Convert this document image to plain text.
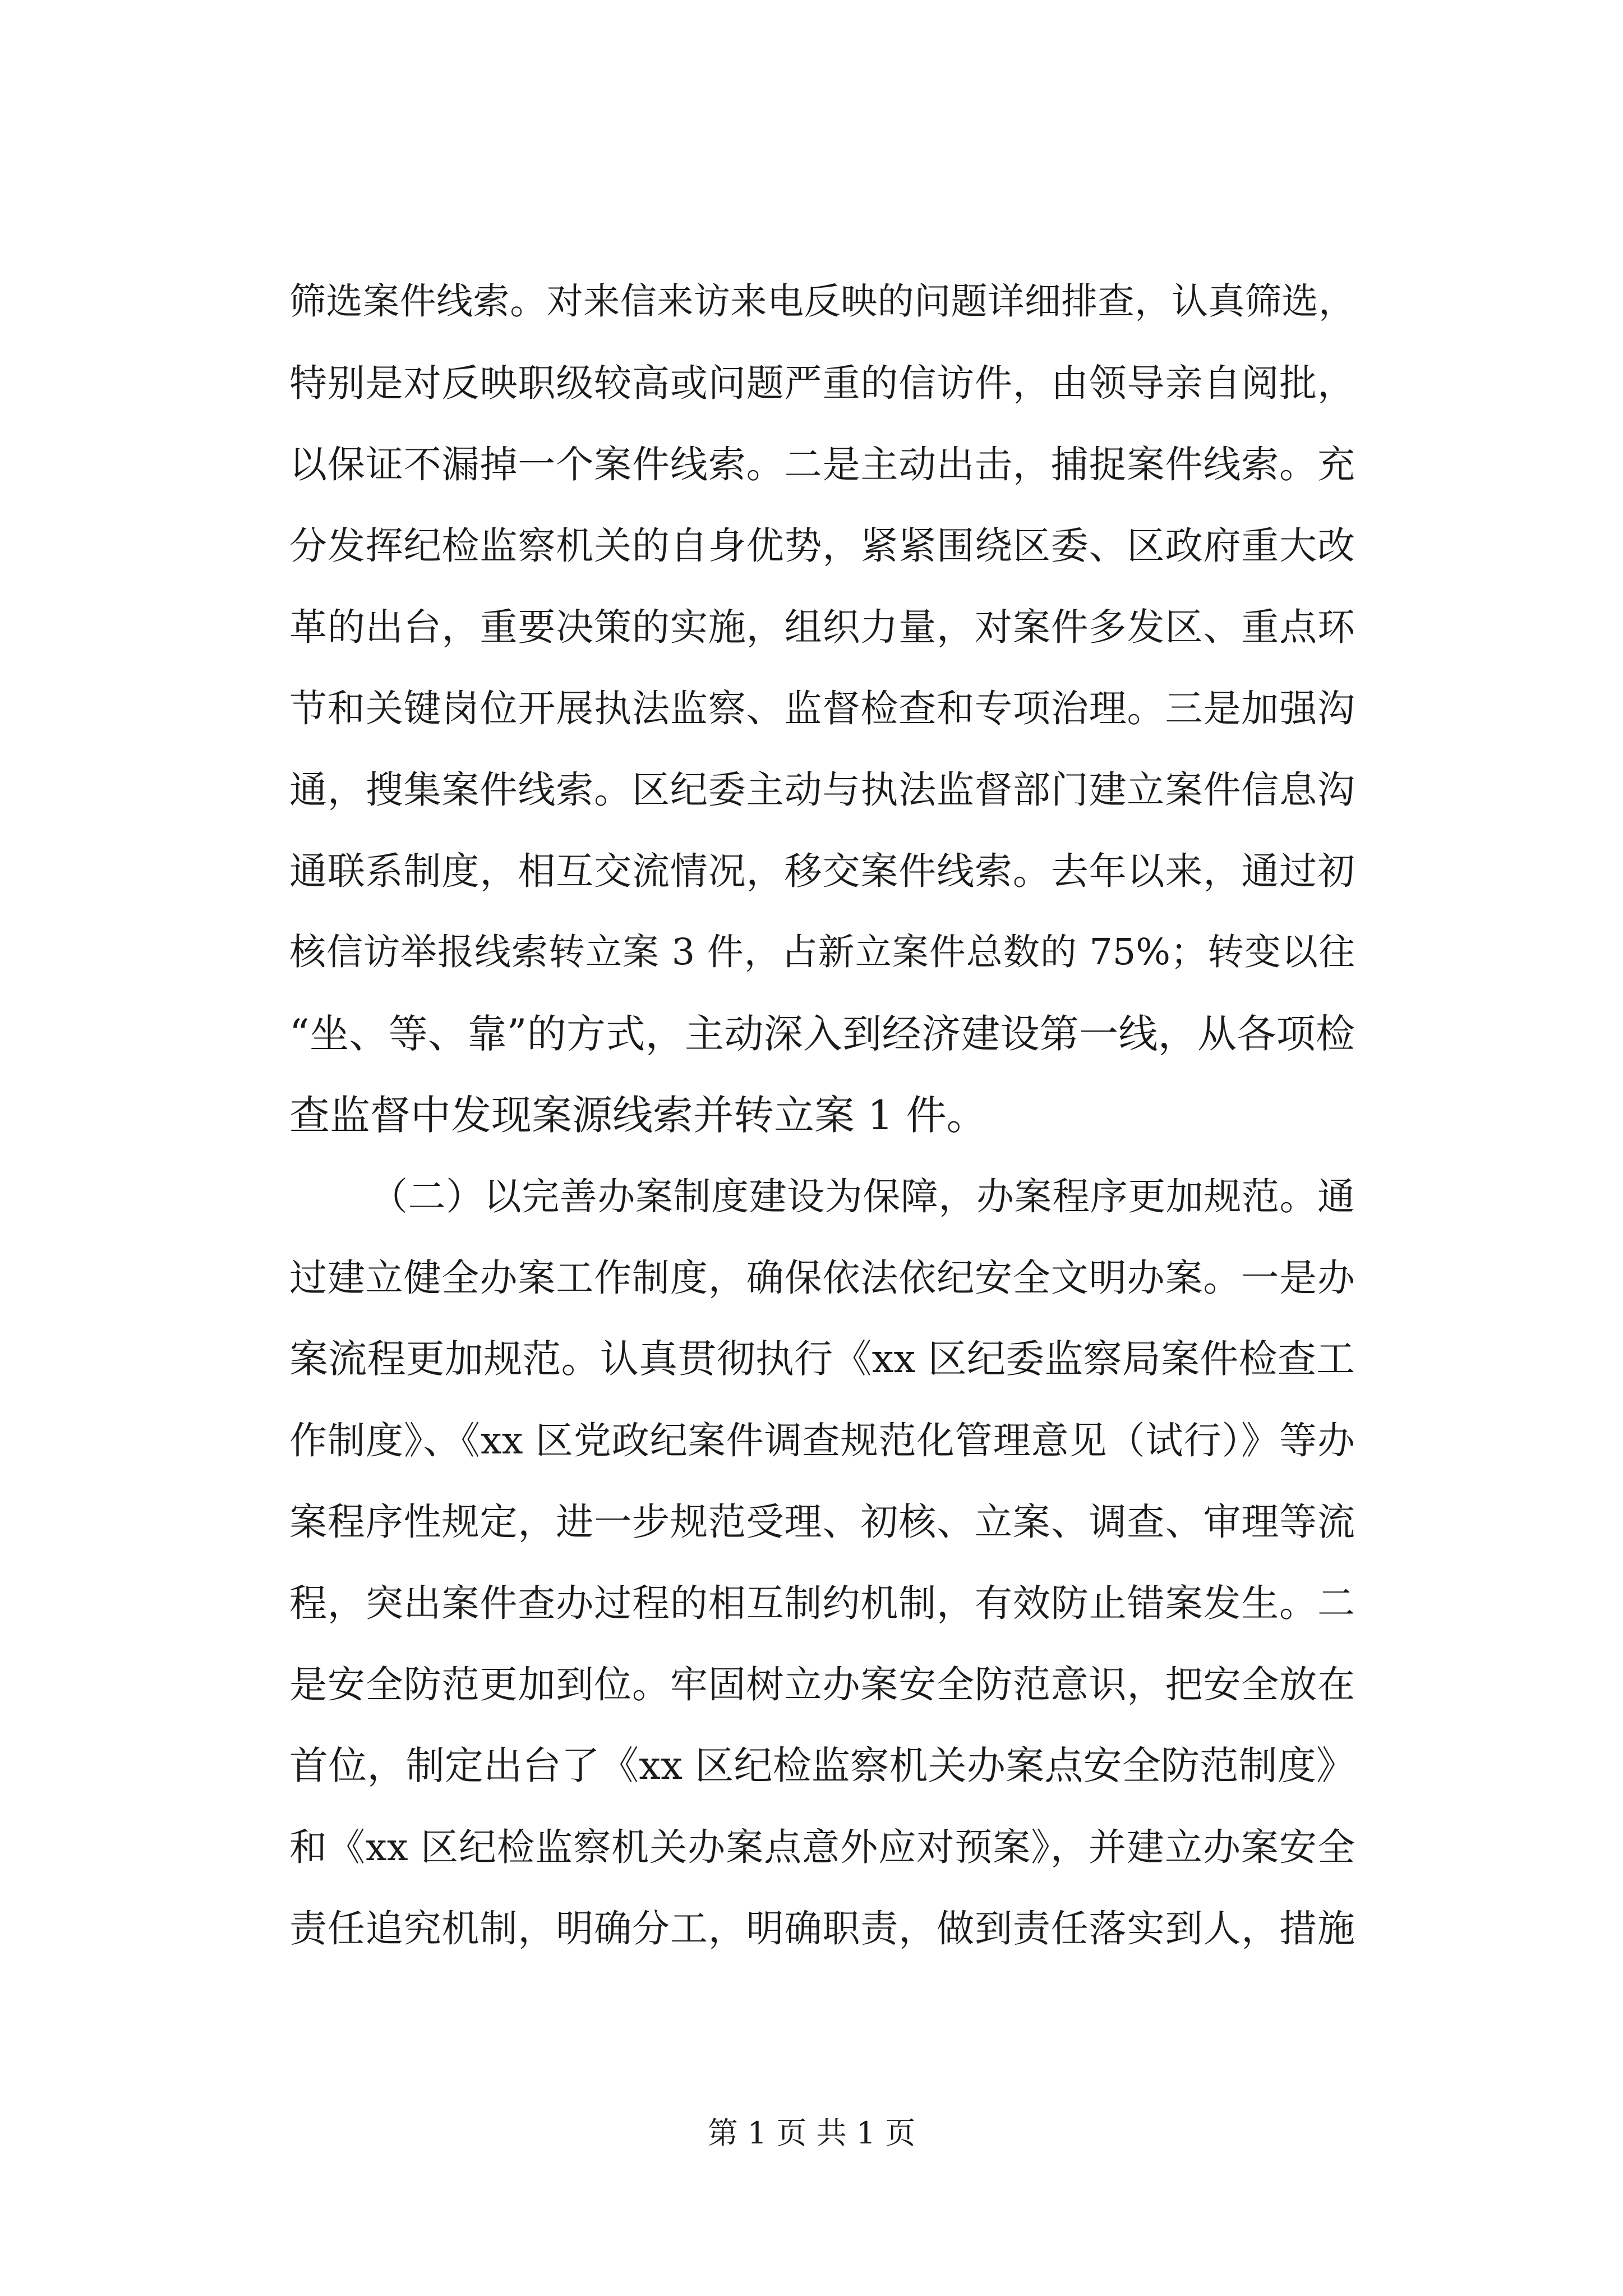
筛选案件线索。对来信来访来电反映的问题详细排查，认真筛选，
特别是对反映职级较高或问题严重的信访件，由领导亲自阅批，
以保证不漏掉一个案件线索。二是主动出击，捕捉案件线索。充
分发挥纪检监察机关的自身优势，紧紧围绕区委、区政府重大改
革的出台，重要决策的实施，组织力量，对案件多发区、重点环
节和关键岗位开展执法监察、监督检查和专项治理。三是加强沟
通，搜集案件线索。区纪委主动与执法监督部门建立案件信息沟
通联系制度，相互交流情况，移交案件线索。去年以来，通过初
核信访举报线索转立案 3 件，占新立案件总数的 75%；转变以往
“坐、等、靠”的方式，主动深入到经济建设第一线，从各项检
查监督中发现案源线索并转立案 1 件。
（二）以完善办案制度建设为保障，办案程序更加规范。通
过建立健全办案工作制度，确保依法依纪安全文明办案。一是办
案流程更加规范。认真贯彻执行《xx 区纪委监察局案件检查工
作制度》、《xx 区党政纪案件调查规范化管理意见（试行）》等办
案程序性规定，进一步规范受理、初核、立案、调查、审理等流
程，突出案件查办过程的相互制约机制，有效防止错案发生。二
是安全防范更加到位。牢固树立办案安全防范意识，把安全放在
首位，制定出台了《xx 区纪检监察机关办案点安全防范制度》
和《xx 区纪检监察机关办案点意外应对预案》，并建立办案安全
责任追究机制，明确分工，明确职责，做到责任落实到人，措施
第 1 页 共 1 页
